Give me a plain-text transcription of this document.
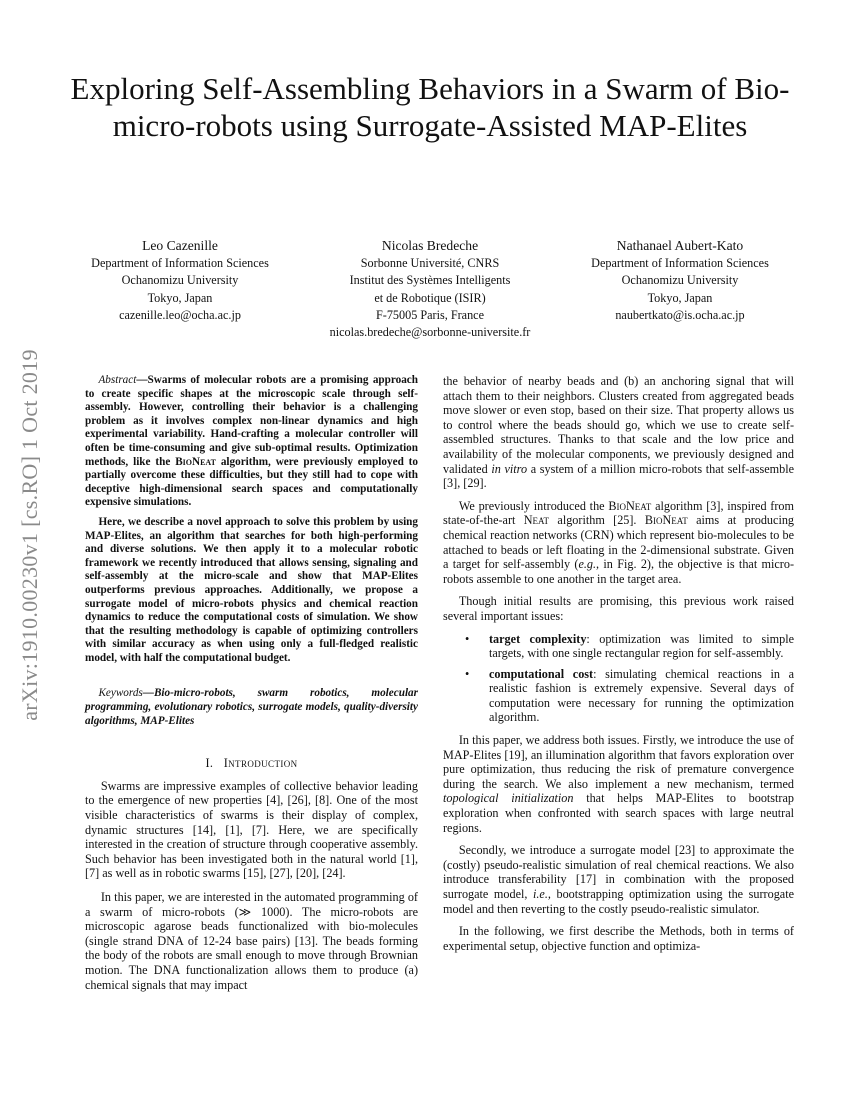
arXiv:1910.00230v1 [cs.RO] 1 Oct 2019
Exploring Self-Assembling Behaviors in a Swarm of Bio-micro-robots using Surrogate-Assisted MAP-Elites
Leo Cazenille
Department of Information Sciences
Ochanomizu University
Tokyo, Japan
cazenille.leo@ocha.ac.jp
Nicolas Bredeche
Sorbonne Université, CNRS
Institut des Systèmes Intelligents
et de Robotique (ISIR)
F-75005 Paris, France
nicolas.bredeche@sorbonne-universite.fr
Nathanael Aubert-Kato
Department of Information Sciences
Ochanomizu University
Tokyo, Japan
naubertkato@is.ocha.ac.jp

Abstract—Swarms of molecular robots are a promising approach to create specific shapes at the microscopic scale through self-assembly. However, controlling their behavior is a challenging problem as it involves complex non-linear dynamics and high experimental variability. Hand-crafting a molecular controller will often be time-consuming and give sub-optimal results. Optimization methods, like the BioNeat algorithm, were previously employed to partially overcome these difficulties, but they still had to cope with deceptive high-dimensional search spaces and computationally expensive simulations.

Here, we describe a novel approach to solve this problem by using MAP-Elites, an algorithm that searches for both high-performing and diverse solutions. We then apply it to a molecular robotic framework we recently introduced that allows sensing, signaling and self-assembly at the micro-scale and show that MAP-Elites outperforms previous approaches. Additionally, we propose a surrogate model of micro-robots physics and chemical reaction dynamics to reduce the computational costs of simulation. We show that the resulting methodology is capable of optimizing controllers with similar accuracy as when using only a full-fledged realistic model, with half the computational budget.

Keywords—Bio-micro-robots, swarm robotics, molecular programming, evolutionary robotics, surrogate models, quality-diversity algorithms, MAP-Elites

I. Introduction

Swarms are impressive examples of collective behavior leading to the emergence of new properties [4], [26], [8]. One of the most visible characteristics of swarms is their display of complex, dynamic structures [14], [1], [7]. Here, we are specifically interested in the creation of structure through cooperative assembly. Such behavior has been investigated both in the natural world [1], [7] as well as in robotic swarms [15], [27], [20], [24].

In this paper, we are interested in the automated programming of a swarm of micro-robots (≫ 1000). The micro-robots are microscopic agarose beads functionalized with bio-molecules (single strand DNA of 12-24 base pairs) [13]. The beads forming the body of the robots are small enough to move through Brownian motion. The DNA functionalization allows them to produce (a) chemical signals that may impact

the behavior of nearby beads and (b) an anchoring signal that will attach them to their neighbors. Clusters created from aggregated beads move slower or even stop, based on their size. That property allows us to control where the beads should go, which we use to create self-assembled structures. Thanks to that scale and the low price and availability of the molecular components, we previously designed and validated in vitro a system of a million micro-robots that self-assemble [3], [29].

We previously introduced the BioNeat algorithm [3], inspired from state-of-the-art Neat algorithm [25]. BioNeat aims at producing chemical reaction networks (CRN) which represent bio-molecules to be attached to beads or left floating in the 2-dimensional substrate. Given a target for self-assembly (e.g., in Fig. 2), the objective is that micro-robots assemble to one another in the target area.

Though initial results are promising, this previous work raised several important issues:

• target complexity: optimization was limited to simple targets, with one single rectangular region for self-assembly.
• computational cost: simulating chemical reactions in a realistic fashion is extremely expensive. Several days of computation were necessary for running the optimization algorithm.

In this paper, we address both issues. Firstly, we introduce the use of MAP-Elites [19], an illumination algorithm that favors exploration over pure optimization, thus reducing the risk of premature convergence during the search. We also implement a new mechanism, termed topological initialization that helps MAP-Elites to bootstrap exploration when confronted with search spaces with large neutral regions.

Secondly, we introduce a surrogate model [23] to approximate the (costly) pseudo-realistic simulation of real chemical reactions. We also introduce transferability [17] in combination with the proposed surrogate model, i.e., bootstrapping optimization using the surrogate model and then reverting to the costly pseudo-realistic simulator.

In the following, we first describe the Methods, both in terms of experimental setup, objective function and optimiza-
